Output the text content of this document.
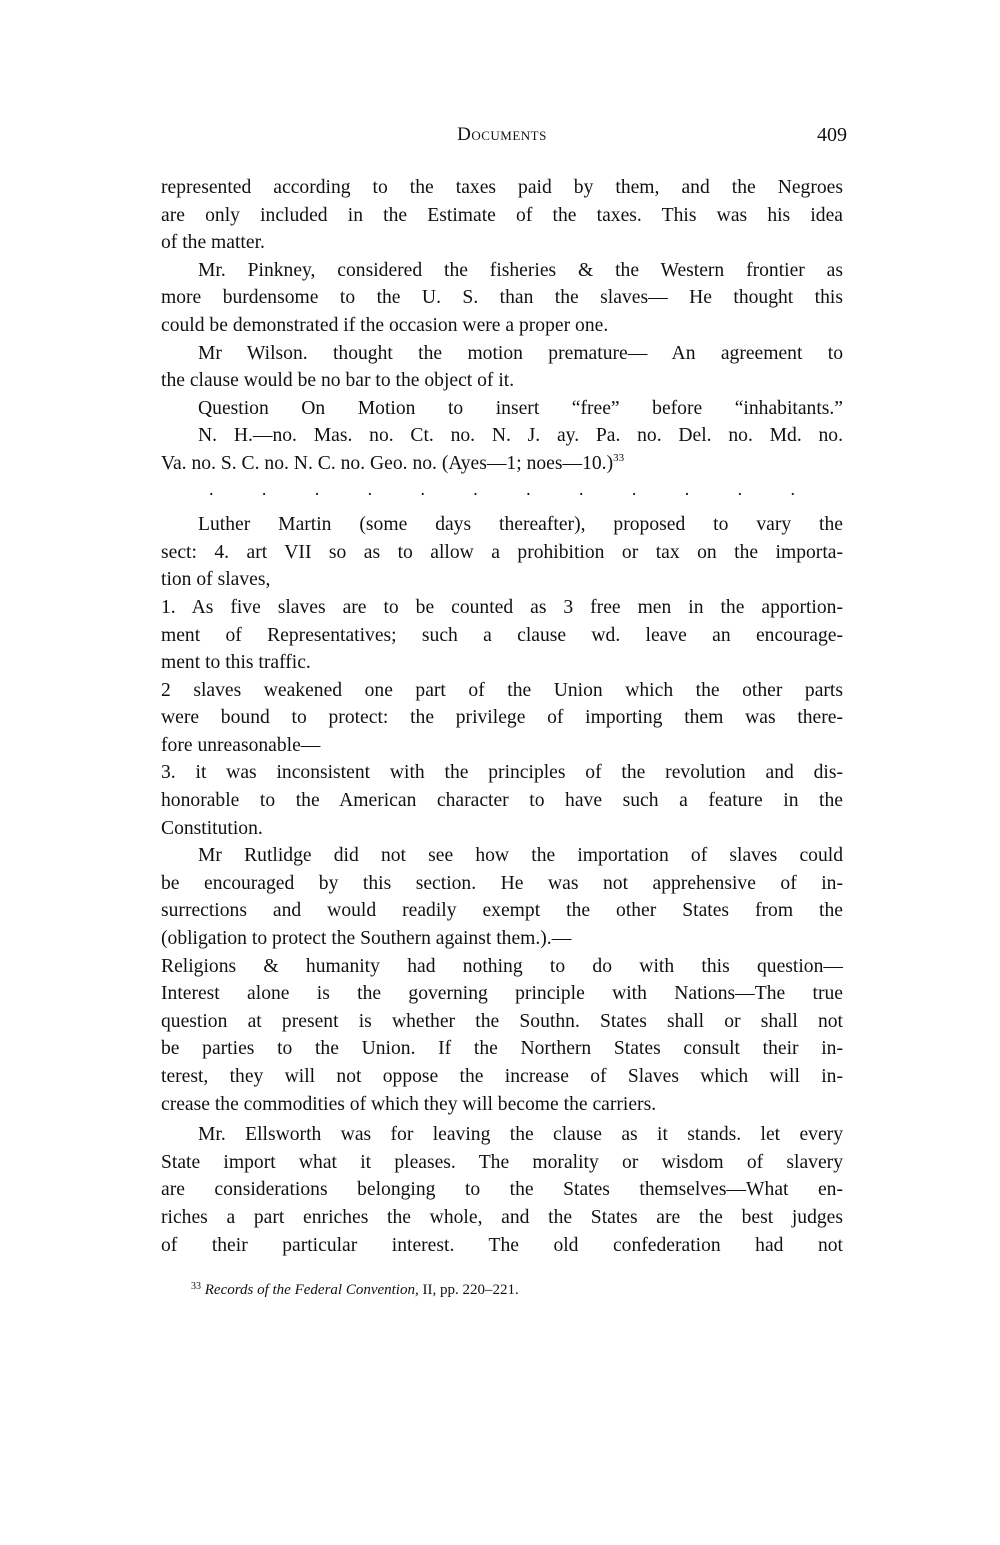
Documents	409
represented according to the taxes paid by them, and the Negroes
are only included in the Estimate of the taxes. This was his idea
of the matter.
Mr. Pinkney, considered the fisheries & the Western frontier as
more burdensome to the U. S. than the slaves— He thought this
could be demonstrated if the occasion were a proper one.
Mr Wilson. thought the motion premature— An agreement to
the clause would be no bar to the object of it.
Question On Motion to insert “free” before “inhabitants.”
N. H.—no. Mas. no. Ct. no. N. J. ay. Pa. no. Del. no. Md. no.
Va. no. S. C. no. N. C. no. Geo. no. (Ayes—1; noes—10.)$^{33}$
.	.	.	.	.	.	.	.	.	.	.	.
Luther Martin (some days thereafter), proposed to vary the
sect: 4. art VII so as to allow a prohibition or tax on the importa-
tion of slaves,
1. As five slaves are to be counted as 3 free men in the apportion-
ment of Representatives; such a clause wd. leave an encourage-
ment to this traffic.
2 slaves weakened one part of the Union which the other parts
were bound to protect: the privilege of importing them was there-
fore unreasonable—
3. it was inconsistent with the principles of the revolution and dis-
honorable to the American character to have such a feature in the
Constitution.
Mr Rutlidge did not see how the importation of slaves could
be encouraged by this section. He was not apprehensive of in-
surrections and would readily exempt the other States from the
(obligation to protect the Southern against them.).—
Religions & humanity had nothing to do with this question—
Interest alone is the governing principle with Nations—The true
question at present is whether the Southn. States shall or shall not
be parties to the Union. If the Northern States consult their in-
terest, they will not oppose the increase of Slaves which will in-
crease the commodities of which they will become the carriers.
Mr. Ellsworth was for leaving the clause as it stands. let every
State import what it pleases. The morality or wisdom of slavery
are considerations belonging to the States themselves—What en-
riches a part enriches the whole, and the States are the best judges
of their particular interest. The old confederation had not
$^{33}$ Records of the Federal Convention, II, pp. 220–221.
